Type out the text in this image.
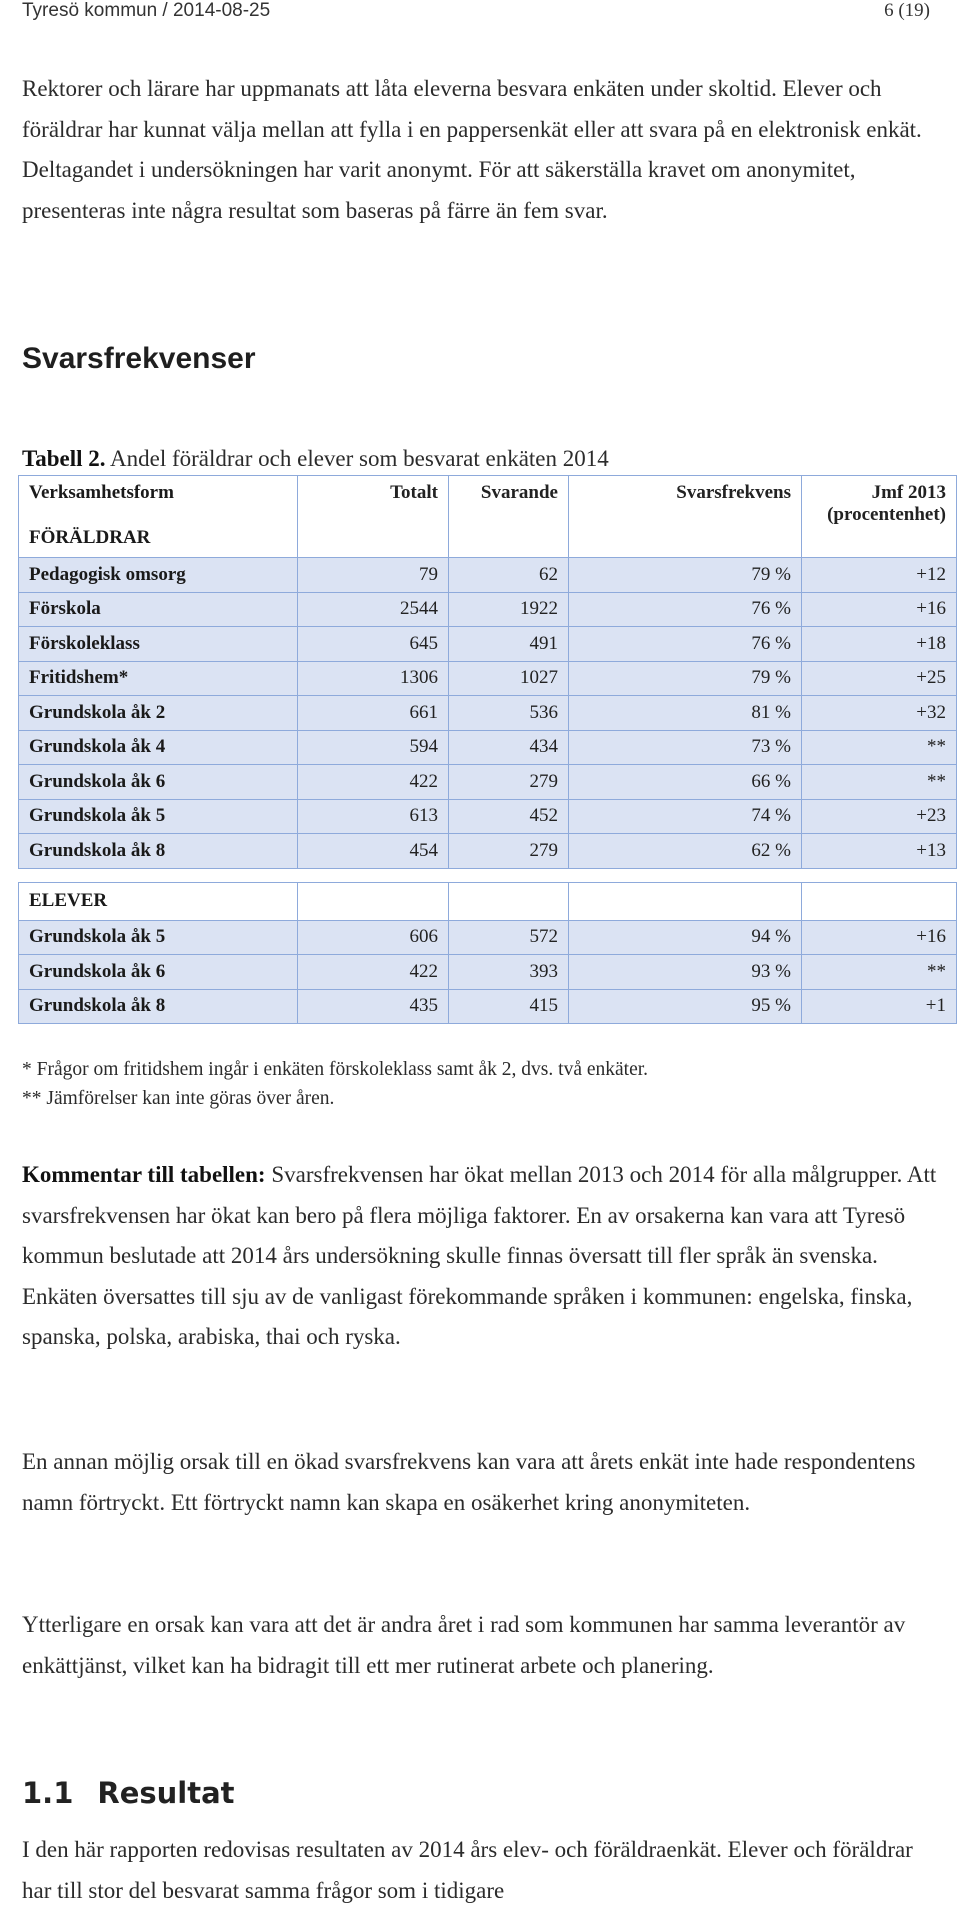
Tyresö kommun / 2014-08-25	6 (19)

Rektorer och lärare har uppmanats att låta eleverna besvara enkäten under skoltid. Elever och föräldrar har kunnat välja mellan att fylla i en pappersenkät eller att svara på en elektronisk enkät. Deltagandet i undersökningen har varit anonymt. För att säkerställa kravet om anonymitet, presenteras inte några resultat som baseras på färre än fem svar.

Svarsfrekvenser
Tabell 2. Andel föräldrar och elever som besvarat enkäten 2014
Verksamhetsform
FÖRÄLDRAR	Totalt	Svarande	Svarsfrekvens	Jmf 2013 (procentenhet)
Pedagogisk omsorg	79	62	79 %	+12
Förskola	2544	1922	76 %	+16
Förskoleklass	645	491	76 %	+18
Fritidshem*	1306	1027	79 %	+25
Grundskola åk 2	661	536	81 %	+32
Grundskola åk 4	594	434	73 %	**
Grundskola åk 6	422	279	66 %	**
Grundskola åk 5	613	452	74 %	+23
Grundskola åk 8	454	279	62 %	+13

ELEVER				
Grundskola åk 5	606	572	94 %	+16
Grundskola åk 6	422	393	93 %	**
Grundskola åk 8	435	415	95 %	+1
* Frågor om fritidshem ingår i enkäten förskoleklass samt åk 2, dvs. två enkäter.
** Jämförelser kan inte göras över åren.

Kommentar till tabellen: Svarsfrekvensen har ökat mellan 2013 och 2014 för alla målgrupper. Att svarsfrekvensen har ökat kan bero på flera möjliga faktorer. En av orsakerna kan vara att Tyresö kommun beslutade att 2014 års undersökning skulle finnas översatt till fler språk än svenska. Enkäten översattes till sju av de vanligast förekommande språken i kommunen: engelska, finska, spanska, polska, arabiska, thai och ryska.

En annan möjlig orsak till en ökad svarsfrekvens kan vara att årets enkät inte hade respondentens namn förtryckt. Ett förtryckt namn kan skapa en osäkerhet kring anonymiteten.

Ytterligare en orsak kan vara att det är andra året i rad som kommunen har samma leverantör av enkättjänst, vilket kan ha bidragit till ett mer rutinerat arbete och planering.

1.1 Resultat

I den här rapporten redovisas resultaten av 2014 års elev- och föräldraenkät. Elever och föräldrar har till stor del besvarat samma frågor som i tidigare
